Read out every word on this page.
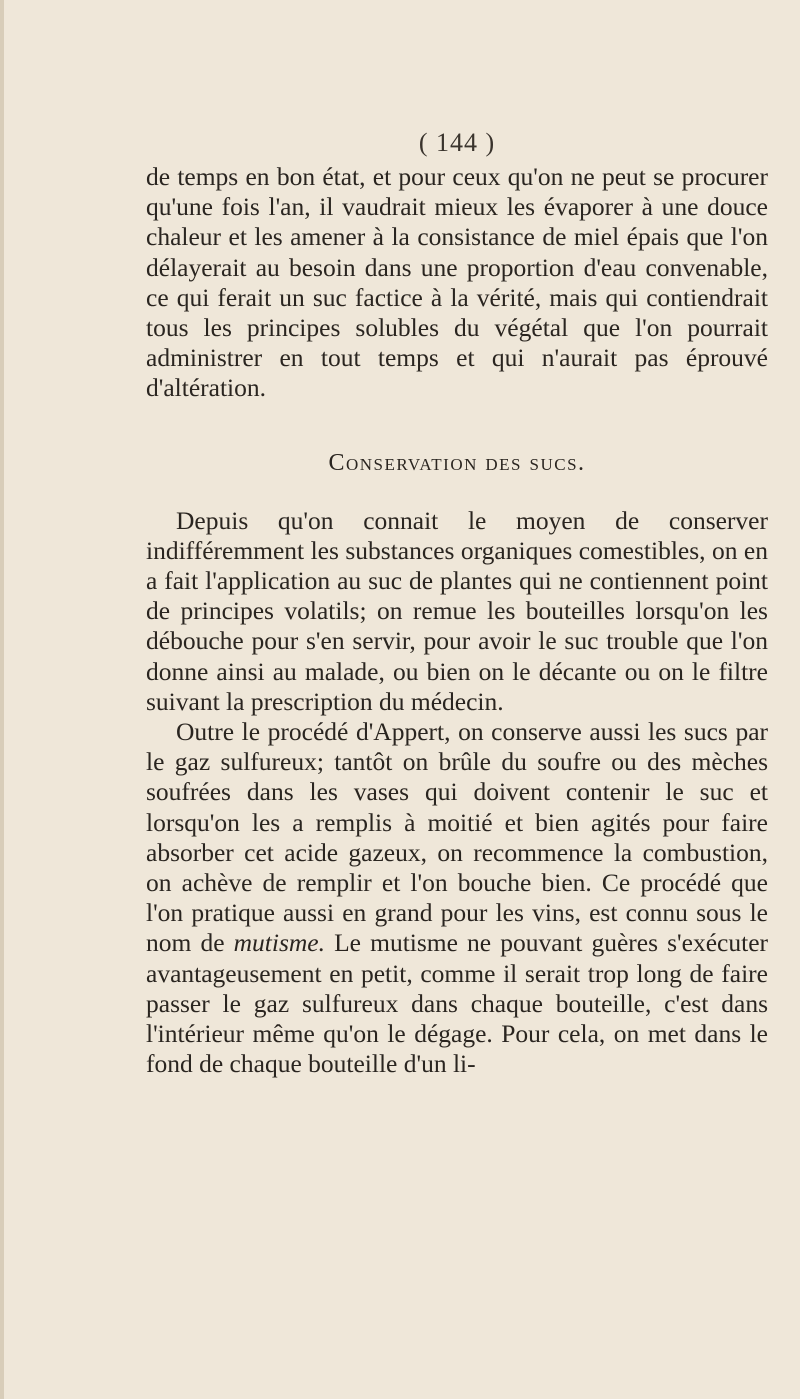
( 144 )

de temps en bon état, et pour ceux qu'on ne peut se procurer qu'une fois l'an, il vaudrait mieux les évaporer à une douce chaleur et les amener à la consistance de miel épais que l'on délayerait au besoin dans une proportion d'eau convenable, ce qui ferait un suc factice à la vérité, mais qui contiendrait tous les principes solubles du végétal que l'on pourrait administrer en tout temps et qui n'aurait pas éprouvé d'altération.

Conservation des sucs.

Depuis qu'on connait le moyen de conserver indifféremment les substances organiques comestibles, on en a fait l'application au suc de plantes qui ne contiennent point de principes volatils; on remue les bouteilles lorsqu'on les débouche pour s'en servir, pour avoir le suc trouble que l'on donne ainsi au malade, ou bien on le décante ou on le filtre suivant la prescription du médecin.

Outre le procédé d'Appert, on conserve aussi les sucs par le gaz sulfureux; tantôt on brûle du soufre ou des mèches soufrées dans les vases qui doivent contenir le suc et lorsqu'on les a remplis à moitié et bien agités pour faire absorber cet acide gazeux, on recommence la combustion, on achève de remplir et l'on bouche bien. Ce procédé que l'on pratique aussi en grand pour les vins, est connu sous le nom de mutisme. Le mutisme ne pouvant guères s'exécuter avantageusement en petit, comme il serait trop long de faire passer le gaz sulfureux dans chaque bouteille, c'est dans l'intérieur même qu'on le dégage. Pour cela, on met dans le fond de chaque bouteille d'un li-
